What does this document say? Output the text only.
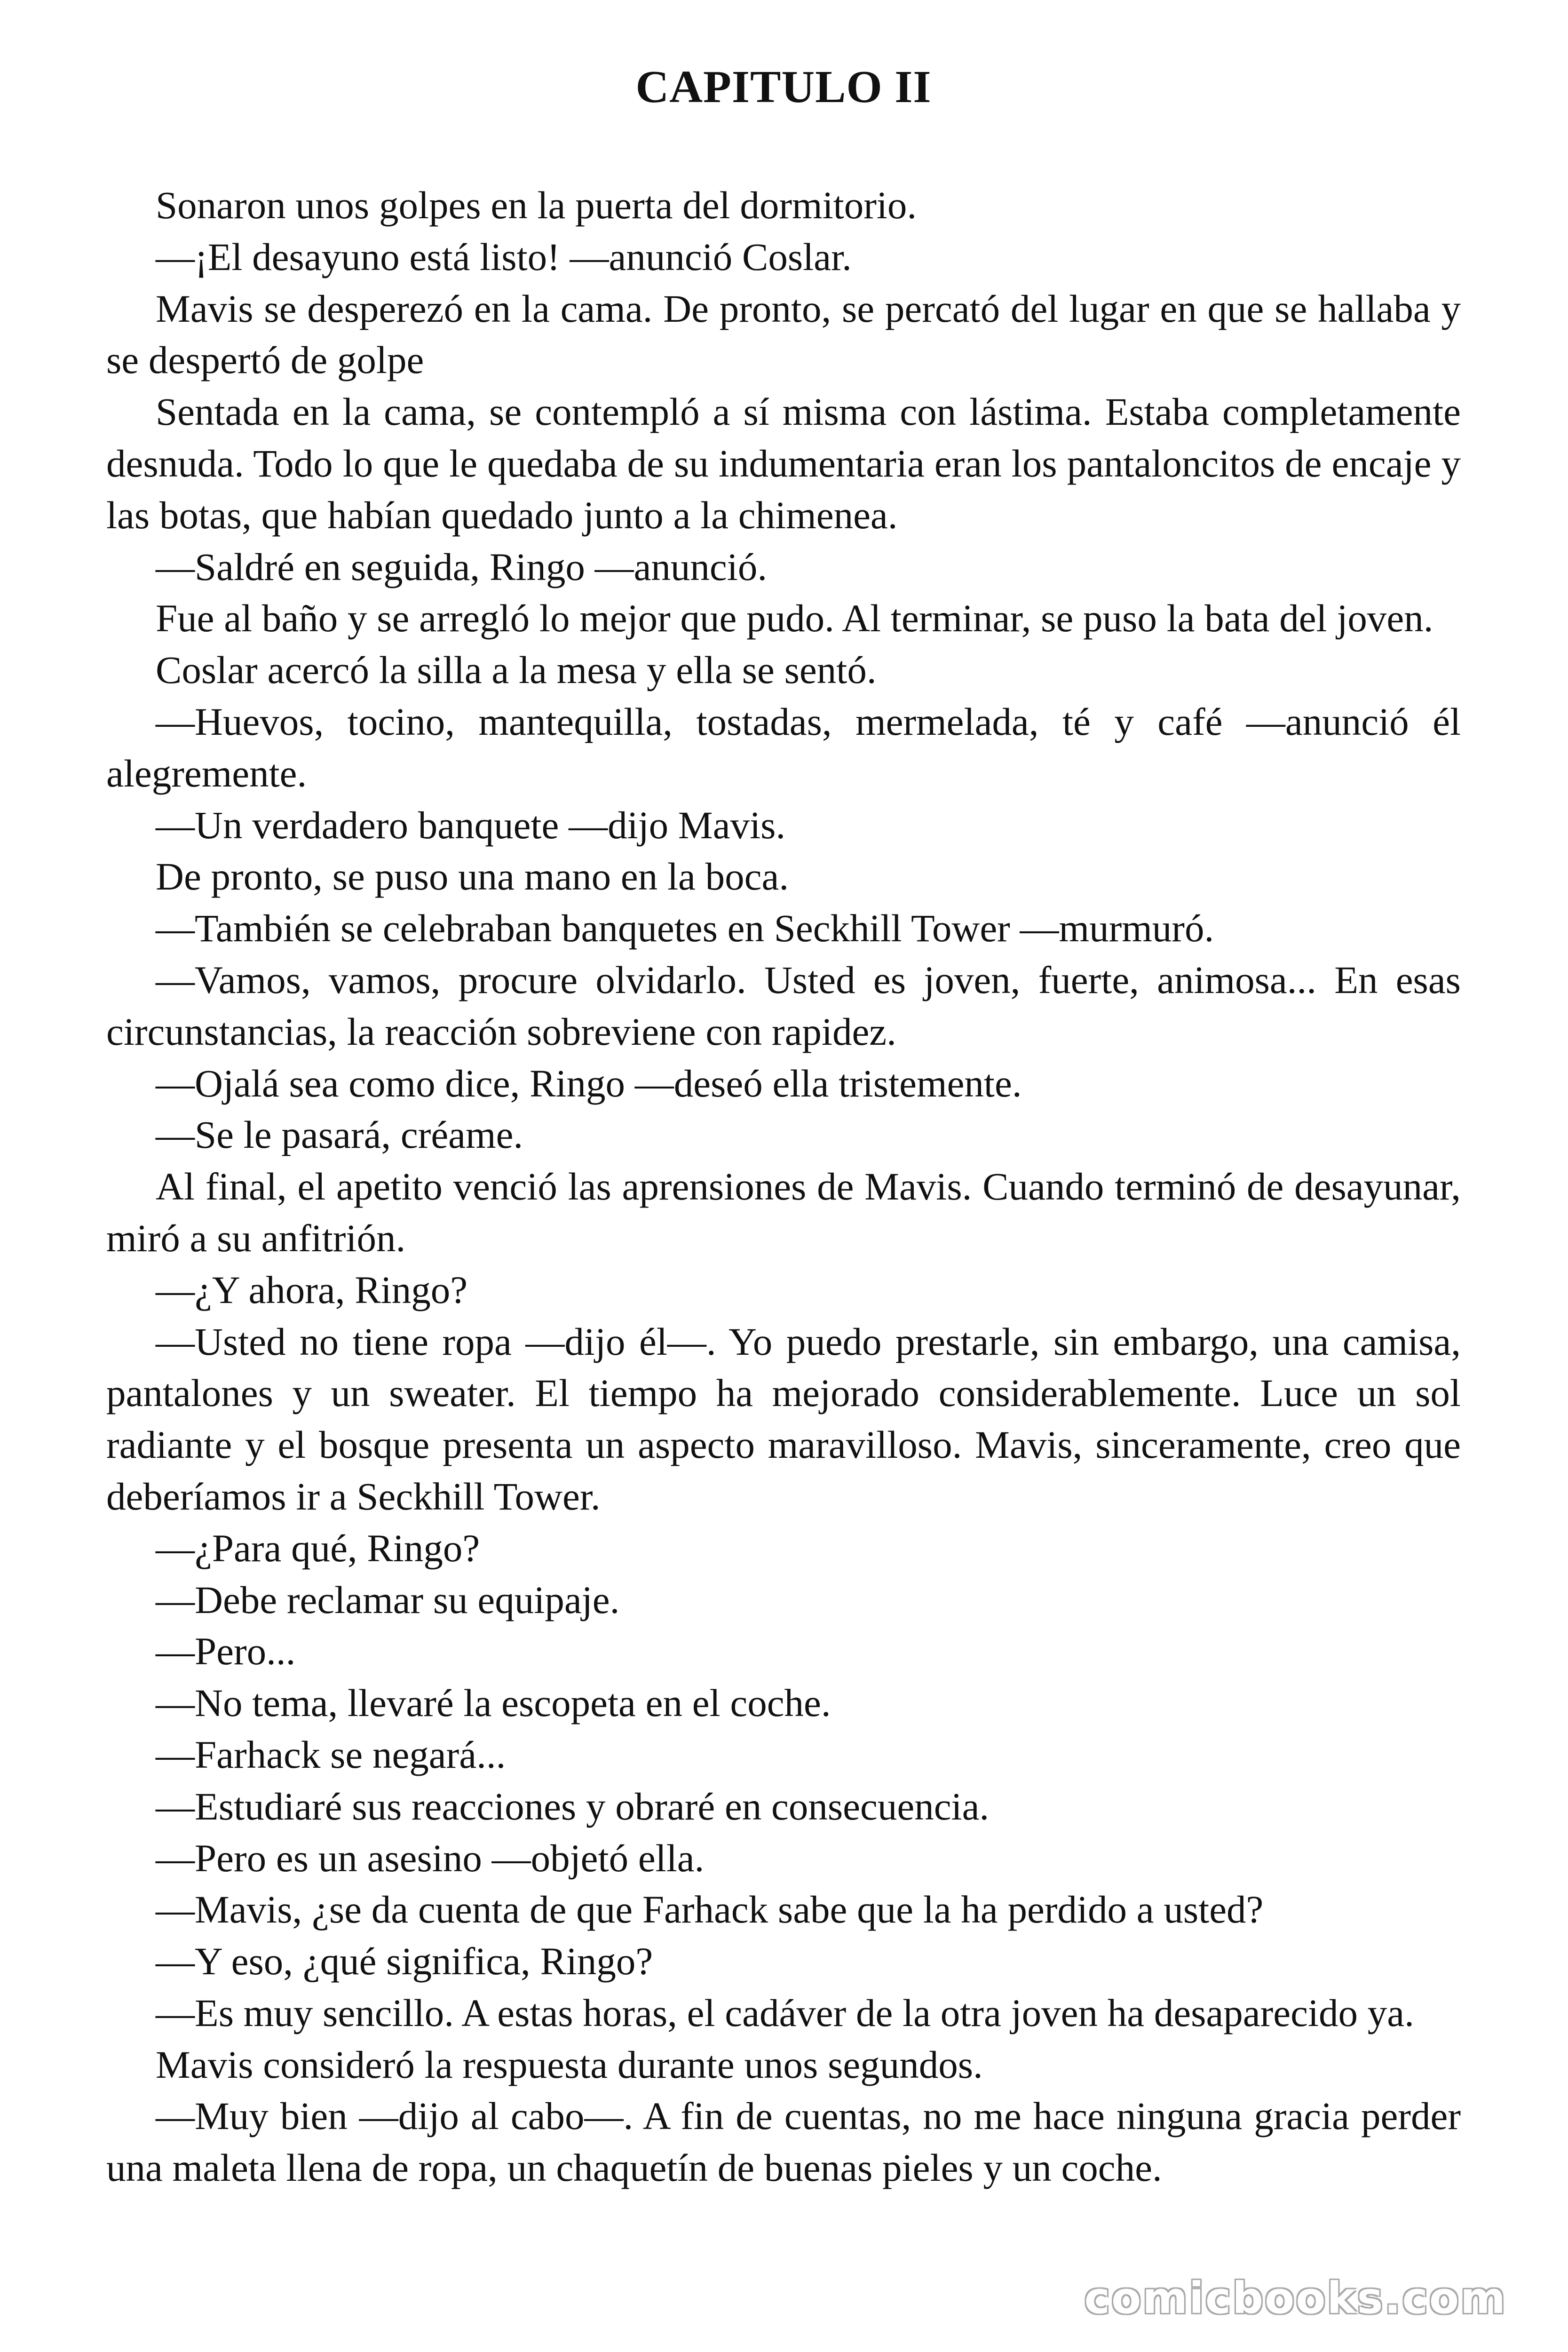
CAPITULO II

Sonaron unos golpes en la puerta del dormitorio.

—¡El desayuno está listo! —anunció Coslar.

Mavis se desperezó en la cama. De pronto, se percató del lugar en que se hallaba y se despertó de golpe

Sentada en la cama, se contempló a sí misma con lástima. Estaba completamente desnuda. Todo lo que le quedaba de su indumentaria eran los pantaloncitos de encaje y las botas, que habían quedado junto a la chimenea.

—Saldré en seguida, Ringo —anunció.

Fue al baño y se arregló lo mejor que pudo. Al terminar, se puso la bata del joven.

Coslar acercó la silla a la mesa y ella se sentó.

—Huevos, tocino, mantequilla, tostadas, mermelada, té y café —anunció él alegremente.

—Un verdadero banquete —dijo Mavis.

De pronto, se puso una mano en la boca.

—También se celebraban banquetes en Seckhill Tower —murmuró.

—Vamos, vamos, procure olvidarlo. Usted es joven, fuerte, animosa... En esas circunstancias, la reacción sobreviene con rapidez.

—Ojalá sea como dice, Ringo —deseó ella tristemente.

—Se le pasará, créame.

Al final, el apetito venció las aprensiones de Mavis. Cuando terminó de desayunar, miró a su anfitrión.

—¿Y ahora, Ringo?

—Usted no tiene ropa —dijo él—. Yo puedo prestarle, sin embargo, una camisa, pantalones y un sweater. El tiempo ha mejorado considerablemente. Luce un sol radiante y el bosque presenta un aspecto maravilloso. Mavis, sinceramente, creo que deberíamos ir a Seckhill Tower.

—¿Para qué, Ringo?

—Debe reclamar su equipaje.

—Pero...

—No tema, llevaré la escopeta en el coche.

—Farhack se negará...

—Estudiaré sus reacciones y obraré en consecuencia.

—Pero es un asesino —objetó ella.

—Mavis, ¿se da cuenta de que Farhack sabe que la ha perdido a usted?

—Y eso, ¿qué significa, Ringo?

—Es muy sencillo. A estas horas, el cadáver de la otra joven ha desaparecido ya.

Mavis consideró la respuesta durante unos segundos.

—Muy bien —dijo al cabo—. A fin de cuentas, no me hace ninguna gracia perder una maleta llena de ropa, un chaquetín de buenas pieles y un coche.

comicbooks.com
